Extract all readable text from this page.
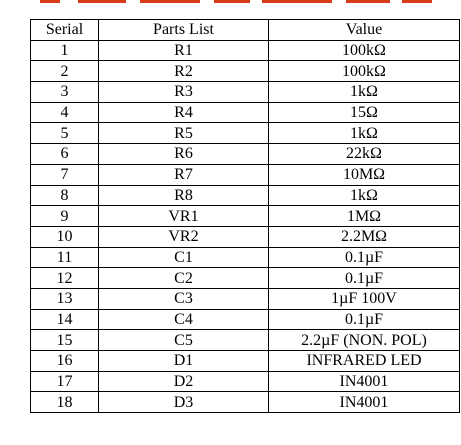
Serial	Parts List	Value
1	R1	100kΩ
2	R2	100kΩ
3	R3	1kΩ
4	R4	15Ω
5	R5	1kΩ
6	R6	22kΩ
7	R7	10MΩ
8	R8	1kΩ
9	VR1	1MΩ
10	VR2	2.2MΩ
11	C1	0.1µF
12	C2	0.1µF
13	C3	1µF 100V
14	C4	0.1µF
15	C5	2.2µF (NON. POL)
16	D1	INFRARED LED
17	D2	IN4001
18	D3	IN4001
